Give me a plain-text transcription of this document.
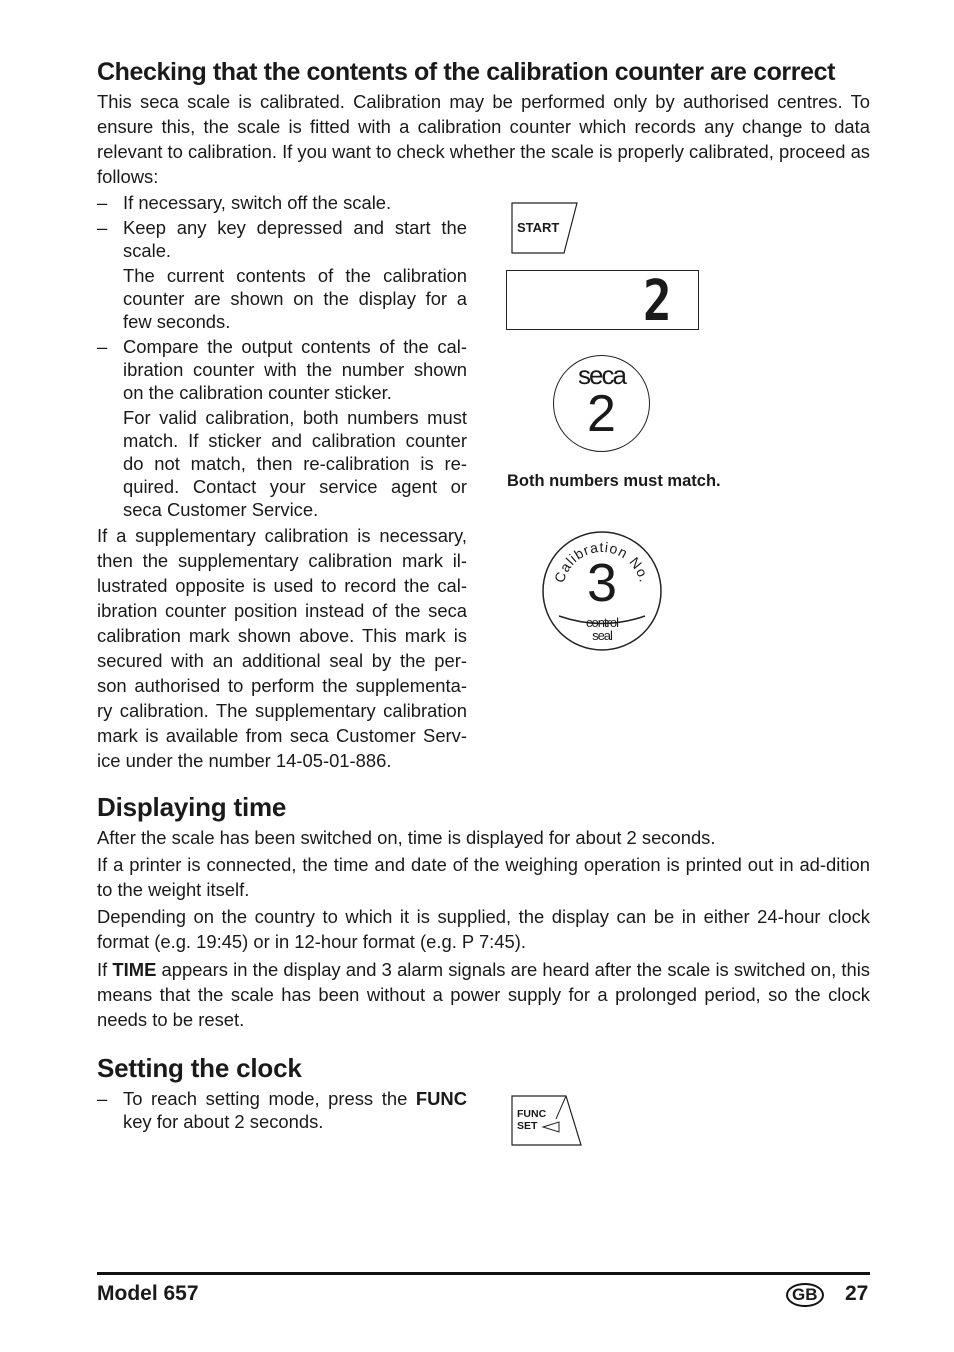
Checking that the contents of the calibration counter are correct
This seca scale is calibrated. Calibration may be performed only by authorised centres. To ensure this, the scale is fitted with a calibration counter which records any change to data relevant to calibration. If you want to check whether the scale is properly calibrated, proceed as follows:
– If necessary, switch off the scale.
– Keep any key depressed and start the scale.
The current contents of the calibration counter are shown on the display for a few seconds.
– Compare the output contents of the cal-ibration counter with the number shown on the calibration counter sticker.
For valid calibration, both numbers must match. If sticker and calibration counter do not match, then re-calibration is re-quired. Contact your service agent or seca Customer Service.
If a supplementary calibration is necessary, then the supplementary calibration mark il-lustrated opposite is used to record the cal-ibration counter position instead of the seca calibration mark shown above. This mark is secured with an additional seal by the per-son authorised to perform the supplementa-ry calibration. The supplementary calibration mark is available from seca Customer Serv-ice under the number 14-05-01-886.
START
2
seca
2
Both numbers must match.
Calibration No.
3
control
seal
Displaying time
After the scale has been switched on, time is displayed for about 2 seconds.
If a printer is connected, the time and date of the weighing operation is printed out in ad-dition to the weight itself.
Depending on the country to which it is supplied, the display can be in either 24-hour clock format (e.g. 19:45) or in 12-hour format (e.g. P 7:45).
If TIME appears in the display and 3 alarm signals are heard after the scale is switched on, this means that the scale has been without a power supply for a prolonged period, so the clock needs to be reset.
Setting the clock
– To reach setting mode, press the FUNC key for about 2 seconds.	FUNC
SET
Model 657	GB 27
